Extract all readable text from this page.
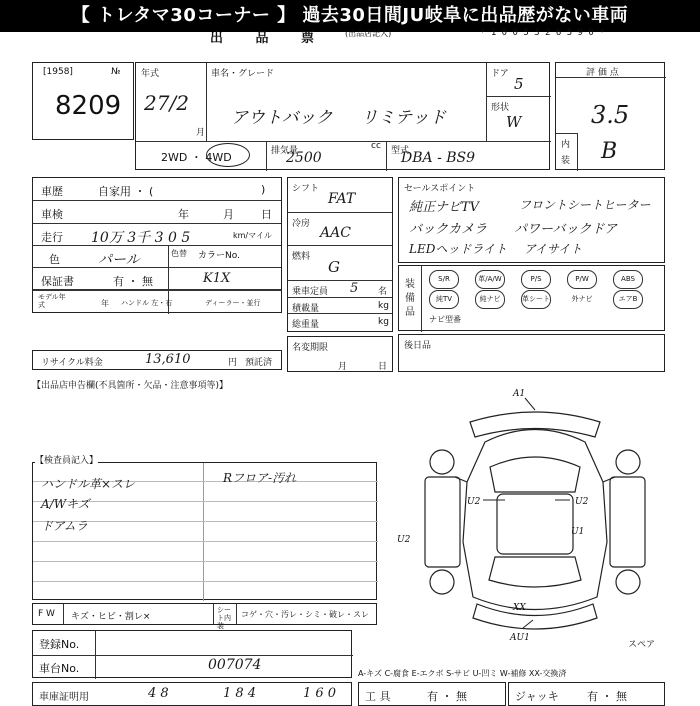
【 トレタマ30コーナー 】 過去30日間JU岐阜に出品歴がない車両
出 品 票 (出品店記入)	* 1 0 0 5 3 2 6 5 9 0 *
[1958]	№
8209
年式
27/2
月
車名・グレード
アウトバック リミテッド
ドア
5
形状
W
2WD ・ 4WD	排気量	cc
2500	型式
DBA - BS9
評 価 点
3.5
内
装 B
車歴	自家用 ・ (	)
車検	年	月 日
走行 10万 3千 3 0 5	km/マイル
色	パール	色替 カラーNo.
保証書	有 ・ 無	K1X
モデル年式	年 ハンドル 左・右	ディーラー・並行
リサイクル料金	13,610	円 預託済
シフト
FAT
冷房
AAC
燃料
G
乗車定員 5 名
積載量	kg
総重量	kg
名変期限
月	日
セールスポイント
純正ナビTV	フロントシートヒーター
バックカメラ パワーバックドア
LEDヘッドライト アイサイト
装備品
S/R	革/A/W	P/S	P/W	ABS
純TV	純ナビ	革シート	外ナビ	エアB
ナビ型番
後日品
【出品店申告欄(不具箇所・欠品・注意事項等)】
【検査員記入】
ハンドル革×スレ
A/Wキズ
ドアムラ
Rフロア-汚れ
A1
U2	U2
U1
U2
XX
AU1
スペア
F W キズ・ヒビ・割レ×
シート内装
コゲ・穴・汚レ・シミ・破レ・スレ
登録No.
車台No.	007074
車庫証明用	4 8	1 8 4	1 6 0
A-キズ C-腐食 E-エクボ S-サビ U-凹ミ W-補修 XX-交換済
工 具	有 ・ 無	ジャッキ	有 ・ 無
